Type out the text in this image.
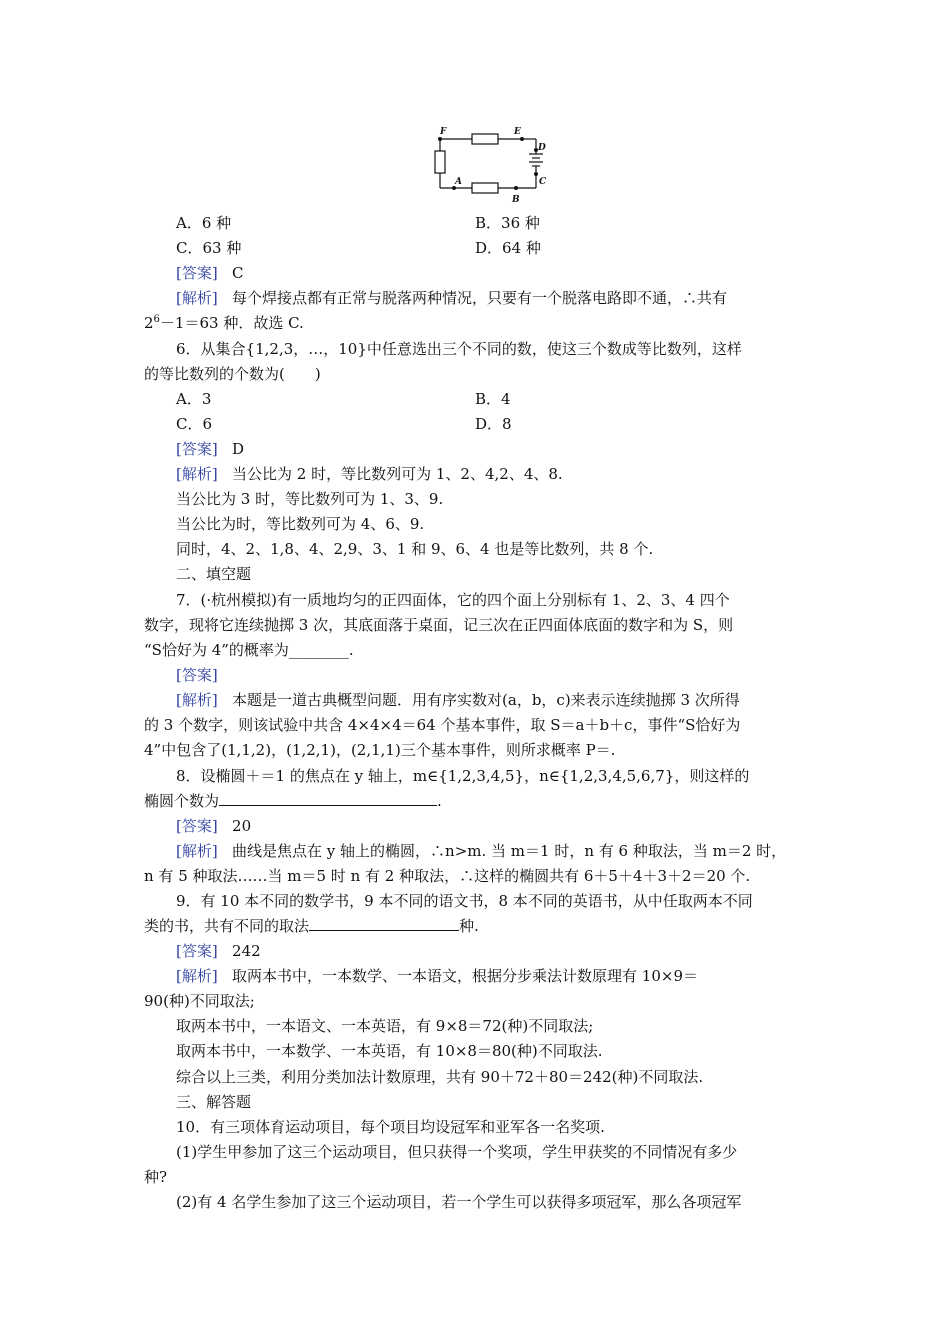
F	E
D
C
A
B
A．6 种	B．36 种
C．63 种	D．64 种
[答案] C
[解析] 每个焊接点都有正常与脱落两种情况，只要有一个脱落电路即不通，∴共有
$2^6-1=63$ 种．故选 C.
6．从集合{1,2,3，…，10}中任意选出三个不同的数，使这三个数成等比数列，这样
的等比数列的个数为(　　)
A．3	B．4
C．6	D．8
[答案] D
[解析] 当公比为 2 时，等比数列可为 1、2、4,2、4、8.
当公比为 3 时，等比数列可为 1、3、9.
当公比为时，等比数列可为 4、6、9.
同时，4、2、1,8、4、2,9、3、1 和 9、6、4 也是等比数列，共 8 个.
二、填空题
7．(·杭州模拟)有一质地均匀的正四面体，它的四个面上分别标有 1、2、3、4 四个
数字，现将它连续抛掷 3 次，其底面落于桌面，记三次在正四面体底面的数字和为 S，则
“S恰好为 4”的概率为________.
[答案]
[解析] 本题是一道古典概型问题．用有序实数对(a，b，c)来表示连续抛掷 3 次所得
的 3 个数字，则该试验中共含 4×4×4＝64 个基本事件，取 S＝a＋b＋c，事件“S恰好为
4”中包含了(1,1,2)，(1,2,1)，(2,1,1)三个基本事件，则所求概率 P＝.
8．设椭圆＋＝1 的焦点在 y 轴上，m∈{1,2,3,4,5}，n∈{1,2,3,4,5,6,7}，则这样的
椭圆个数为	.
[答案] 20
[解析] 曲线是焦点在 y 轴上的椭圆，∴n>m. 当 m＝1 时，n 有 6 种取法，当 m＝2 时，
n 有 5 种取法……当 m＝5 时 n 有 2 种取法，∴这样的椭圆共有 6＋5＋4＋3＋2＝20 个.
9．有 10 本不同的数学书，9 本不同的语文书，8 本不同的英语书，从中任取两本不同
类的书，共有不同的取法	种.
[答案] 242
[解析] 取两本书中，一本数学、一本语文，根据分步乘法计数原理有 10×9＝
90(种)不同取法;
取两本书中，一本语文、一本英语，有 9×8＝72(种)不同取法;
取两本书中，一本数学、一本英语，有 10×8＝80(种)不同取法.
综合以上三类，利用分类加法计数原理，共有 90＋72＋80＝242(种)不同取法.
三、解答题
10．有三项体育运动项目，每个项目均设冠军和亚军各一名奖项.
(1)学生甲参加了这三个运动项目，但只获得一个奖项，学生甲获奖的不同情况有多少
种?
(2)有 4 名学生参加了这三个运动项目，若一个学生可以获得多项冠军，那么各项冠军
